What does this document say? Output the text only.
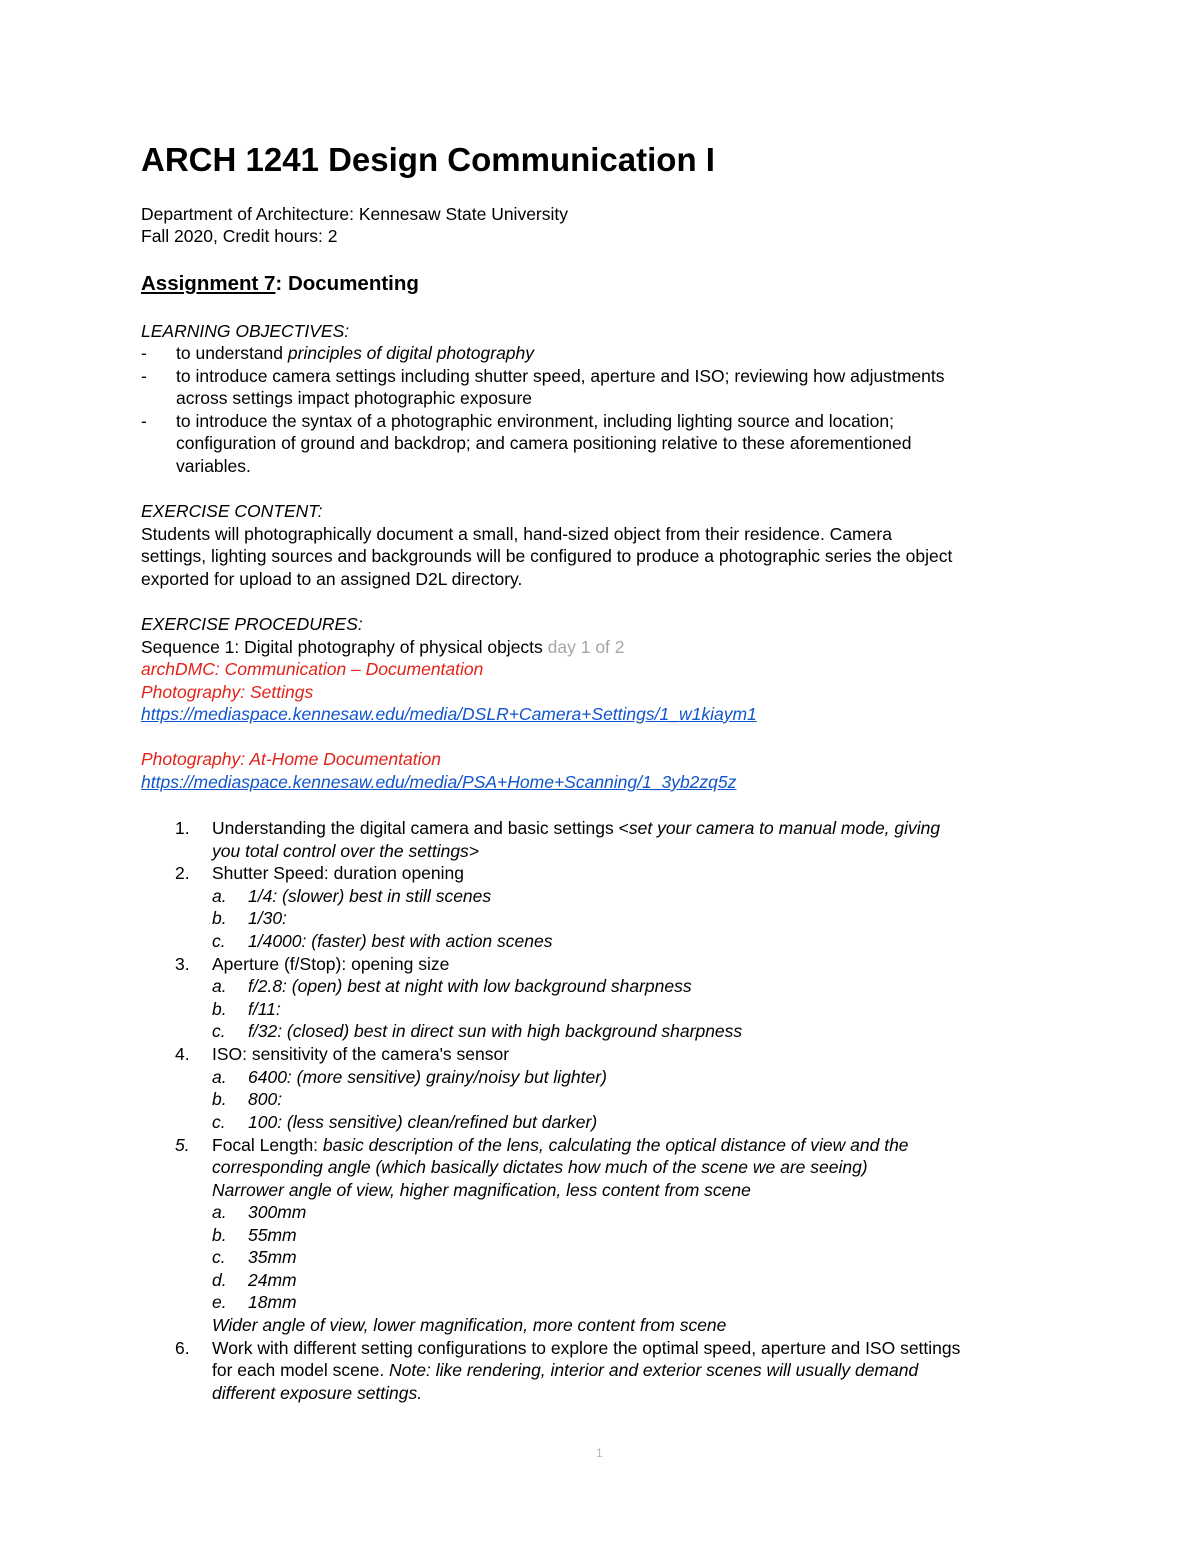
ARCH 1241 Design Communication I
Department of Architecture: Kennesaw State University
Fall 2020, Credit hours: 2
Assignment 7: Documenting
LEARNING OBJECTIVES:
- to understand principles of digital photography
- to introduce camera settings including shutter speed, aperture and ISO; reviewing how adjustments
across settings impact photographic exposure
- to introduce the syntax of a photographic environment, including lighting source and location;
configuration of ground and backdrop; and camera positioning relative to these aforementioned
variables.
EXERCISE CONTENT:
Students will photographically document a small, hand-sized object from their residence. Camera
settings, lighting sources and backgrounds will be configured to produce a photographic series the object
exported for upload to an assigned D2L directory.
EXERCISE PROCEDURES:
Sequence 1: Digital photography of physical objects day 1 of 2
archDMC: Communication – Documentation
Photography: Settings
https://mediaspace.kennesaw.edu/media/DSLR+Camera+Settings/1_w1kiaym1
Photography: At-Home Documentation
https://mediaspace.kennesaw.edu/media/PSA+Home+Scanning/1_3yb2zq5z
1. Understanding the digital camera and basic settings <set your camera to manual mode, giving
you total control over the settings>
2. Shutter Speed: duration opening
a. 1/4: (slower) best in still scenes
b. 1/30:
c. 1/4000: (faster) best with action scenes
3. Aperture (f/Stop): opening size
a. f/2.8: (open) best at night with low background sharpness
b. f/11:
c. f/32: (closed) best in direct sun with high background sharpness
4. ISO: sensitivity of the camera's sensor
a. 6400: (more sensitive) grainy/noisy but lighter)
b. 800:
c. 100: (less sensitive) clean/refined but darker)
5. Focal Length: basic description of the lens, calculating the optical distance of view and the
corresponding angle (which basically dictates how much of the scene we are seeing)
Narrower angle of view, higher magnification, less content from scene
a. 300mm
b. 55mm
c. 35mm
d. 24mm
e. 18mm
Wider angle of view, lower magnification, more content from scene
6. Work with different setting configurations to explore the optimal speed, aperture and ISO settings
for each model scene. Note: like rendering, interior and exterior scenes will usually demand
different exposure settings.
1
